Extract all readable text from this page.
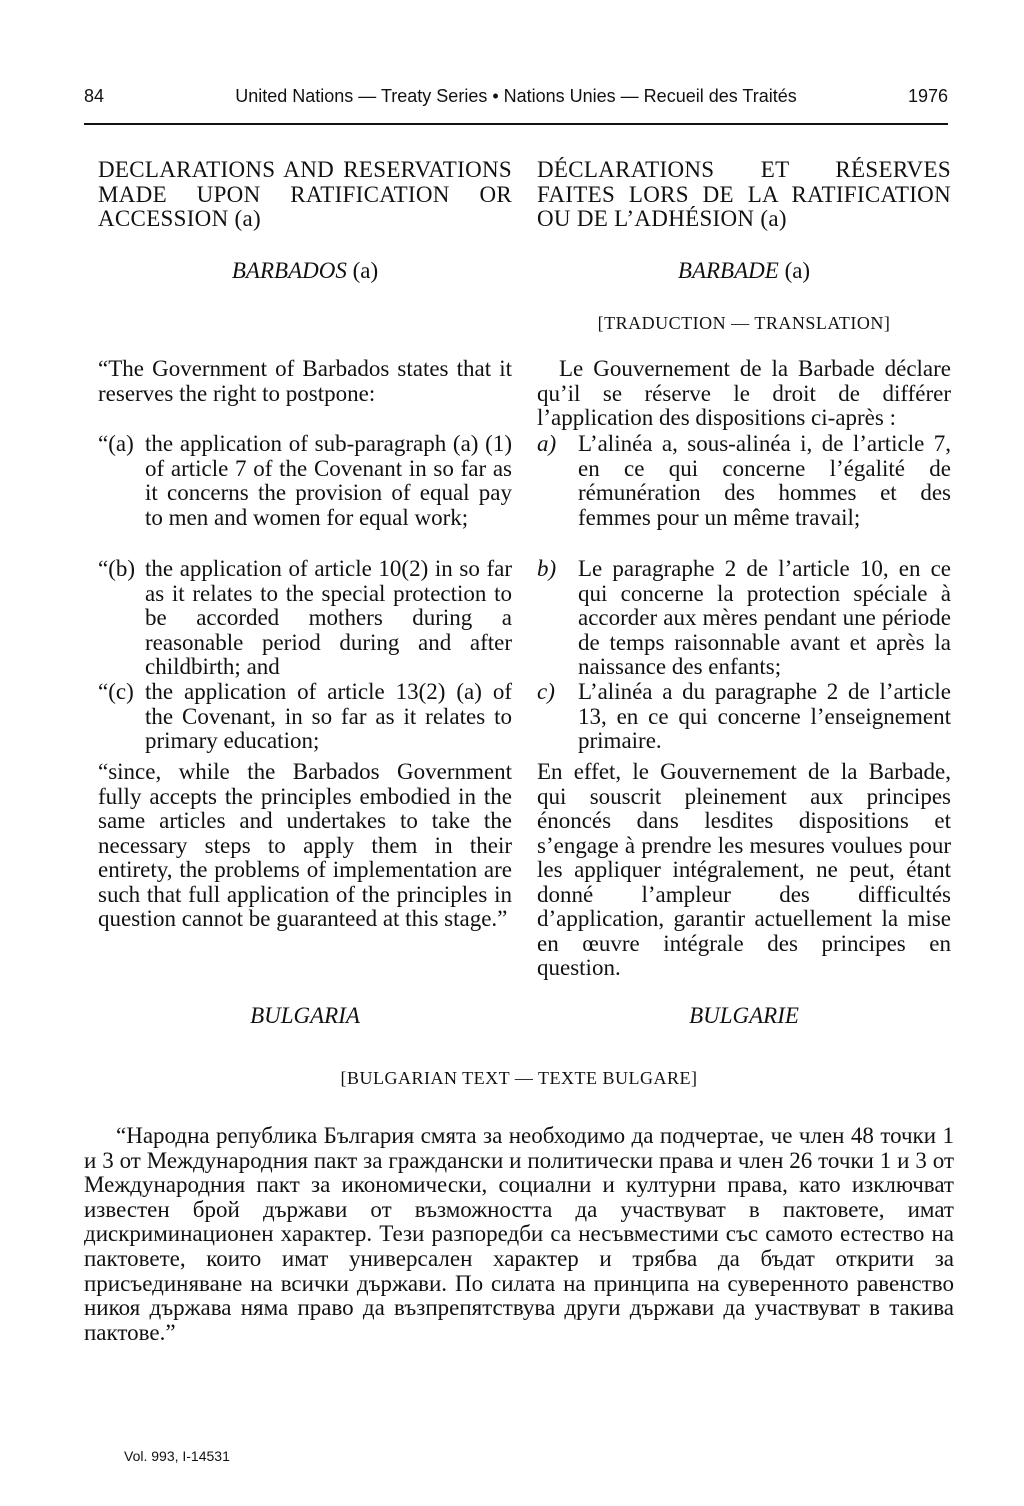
84	United Nations — Treaty Series • Nations Unies — Recueil des Traités	1976
DECLARATIONS AND RESERVATIONS MADE UPON RATIFICATION OR ACCESSION (a)
DÉCLARATIONS ET RÉSERVES FAITES LORS DE LA RATIFICATION OU DE L’ADHÉSION (a)
BARBADOS (a)	BARBADE (a)
[TRADUCTION — TRANSLATION]
“The Government of Barbados states that it reserves the right to postpone:
Le Gouvernement de la Barbade déclare qu’il se réserve le droit de différer l’application des dispositions ci-après :
“(a) the application of sub-paragraph (a) (1) of article 7 of the Covenant in so far as it concerns the provision of equal pay to men and women for equal work;
“(b) the application of article 10(2) in so far as it relates to the special protection to be accorded mothers during a reasonable period during and after childbirth; and
“(c) the application of article 13(2) (a) of the Covenant, in so far as it relates to primary education;
a) L’alinéa a, sous-alinéa i, de l’article 7, en ce qui concerne l’égalité de rémunération des hommes et des femmes pour un même travail;
b) Le paragraphe 2 de l’article 10, en ce qui concerne la protection spéciale à accorder aux mères pendant une période de temps raisonnable avant et après la naissance des enfants;
c) L’alinéa a du paragraphe 2 de l’article 13, en ce qui concerne l’enseignement primaire.
“since, while the Barbados Government fully accepts the principles embodied in the same articles and undertakes to take the necessary steps to apply them in their entirety, the problems of implementation are such that full application of the principles in question cannot be guaranteed at this stage.”
En effet, le Gouvernement de la Barbade, qui souscrit pleinement aux principes énoncés dans lesdites dispositions et s’engage à prendre les mesures voulues pour les appliquer intégralement, ne peut, étant donné l’ampleur des difficultés d’application, garantir actuellement la mise en œuvre intégrale des principes en question.
BULGARIA	BULGARIE
[BULGARIAN TEXT — TEXTE BULGARE]
“Народна република България смята за необходимо да подчертае, че член 48 точки 1 и 3 от Международния пакт за граждански и политически права и член 26 точки 1 и 3 от Международния пакт за икономически, социални и културни права, като изключват известен брой държави от възможността да участвуват в пактовете, имат дискриминационен характер. Тези разпоредби са несъвместими със самото естество на пактовете, които имат универсален характер и трябва да бъдат открити за присъединяване на всички държави. По силата на принципа на суверенното равенство никоя държава няма право да възпрепятствува други държави да участвуват в такива пактове.”
Vol. 993, I-14531
